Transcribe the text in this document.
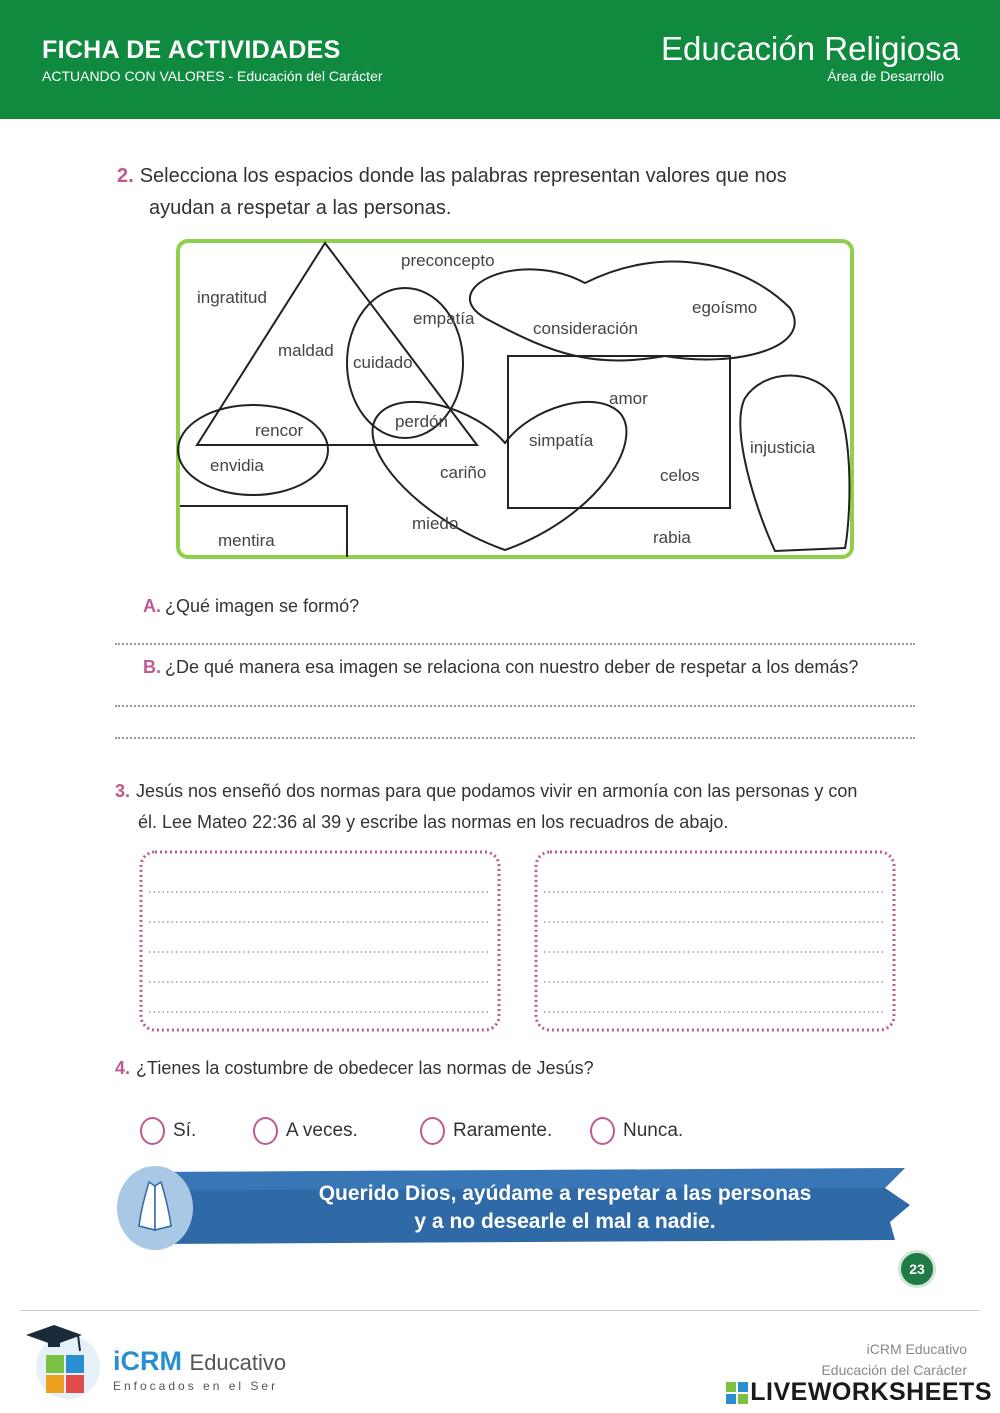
FICHA DE ACTIVIDADES
ACTUANDO CON VALORES - Educación del Carácter
Educación Religiosa
Área de Desarrollo
2. Selecciona los espacios donde las palabras representan valores que nos
ayudan a respetar a las personas.
preconcepto
ingratitud
empatía
egoísmo
consideración
maldad
cuidado
amor
rencor	perdón
simpatía	injusticia
envidia	cariño	celos
mentira
miedo
rabia
A. ¿Qué imagen se formó?
B. ¿De qué manera esa imagen se relaciona con nuestro deber de respetar a los demás?
3. Jesús nos enseñó dos normas para que podamos vivir en armonía con las personas y con
él. Lee Mateo 22:36 al 39 y escribe las normas en los recuadros de abajo.
4. ¿Tienes la costumbre de obedecer las normas de Jesús?
Sí.	A veces.	Raramente.	Nunca.
Querido Dios, ayúdame a respetar a las personas
y a no desearle el mal a nadie.
23
iCRM Educativo
Enfocados en el Ser
iCRM Educativo
Educación del Carácter
LIVEWORKSHEETS
